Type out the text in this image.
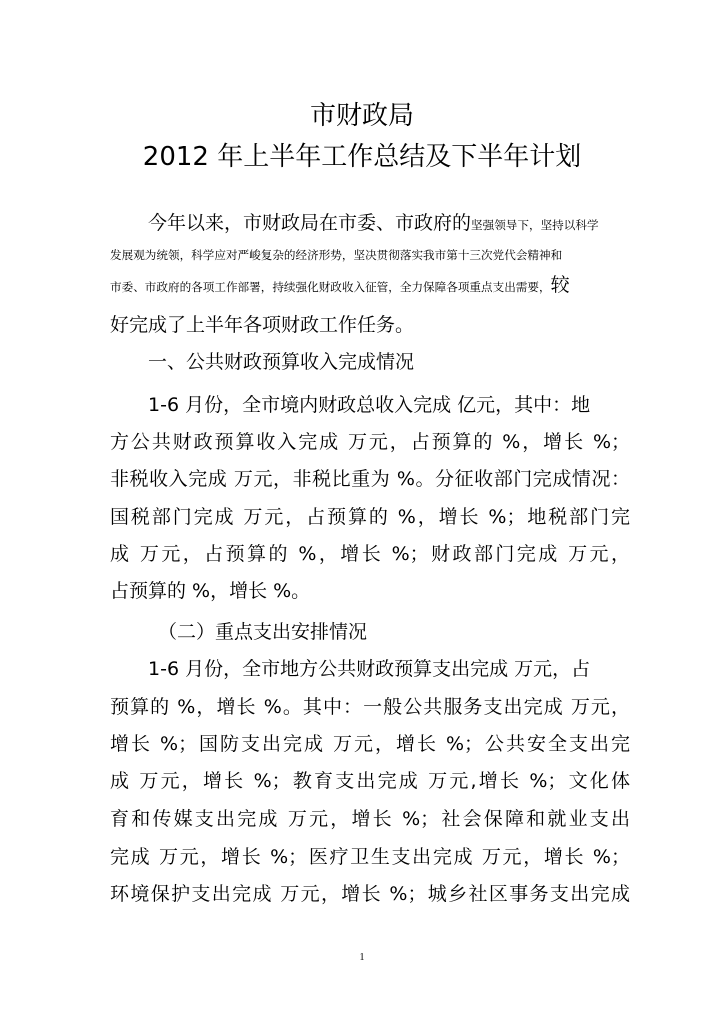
市财政局
2012 年上半年工作总结及下半年计划
今年以来，市财政局在市委、市政府的坚强领导下，坚持以科学
发展观为统领，科学应对严峻复杂的经济形势，坚决贯彻落实我市第十三次党代会精神和
市委、市政府的各项工作部署，持续强化财政收入征管，全力保障各项重点支出需要，较
好完成了上半年各项财政工作任务。
一、公共财政预算收入完成情况
1-6 月份，全市境内财政总收入完成 亿元，其中：地
方公共财政预算收入完成 万元，占预算的 %，增长 %；
非税收入完成 万元，非税比重为 %。分征收部门完成情况：
国税部门完成 万元，占预算的 %，增长 %；地税部门完
成 万元，占预算的 %，增长 %；财政部门完成 万元，
占预算的 %，增长 %。
（二）重点支出安排情况
1-6 月份，全市地方公共财政预算支出完成 万元，占
预算的 %，增长 %。其中：一般公共服务支出完成 万元，
增长 %；国防支出完成 万元，增长 %；公共安全支出完
成 万元，增长 %；教育支出完成 万元,增长 %；文化体
育和传媒支出完成 万元，增长 %；社会保障和就业支出
完成 万元，增长 %；医疗卫生支出完成 万元，增长 %；
环境保护支出完成 万元，增长 %；城乡社区事务支出完成
1
